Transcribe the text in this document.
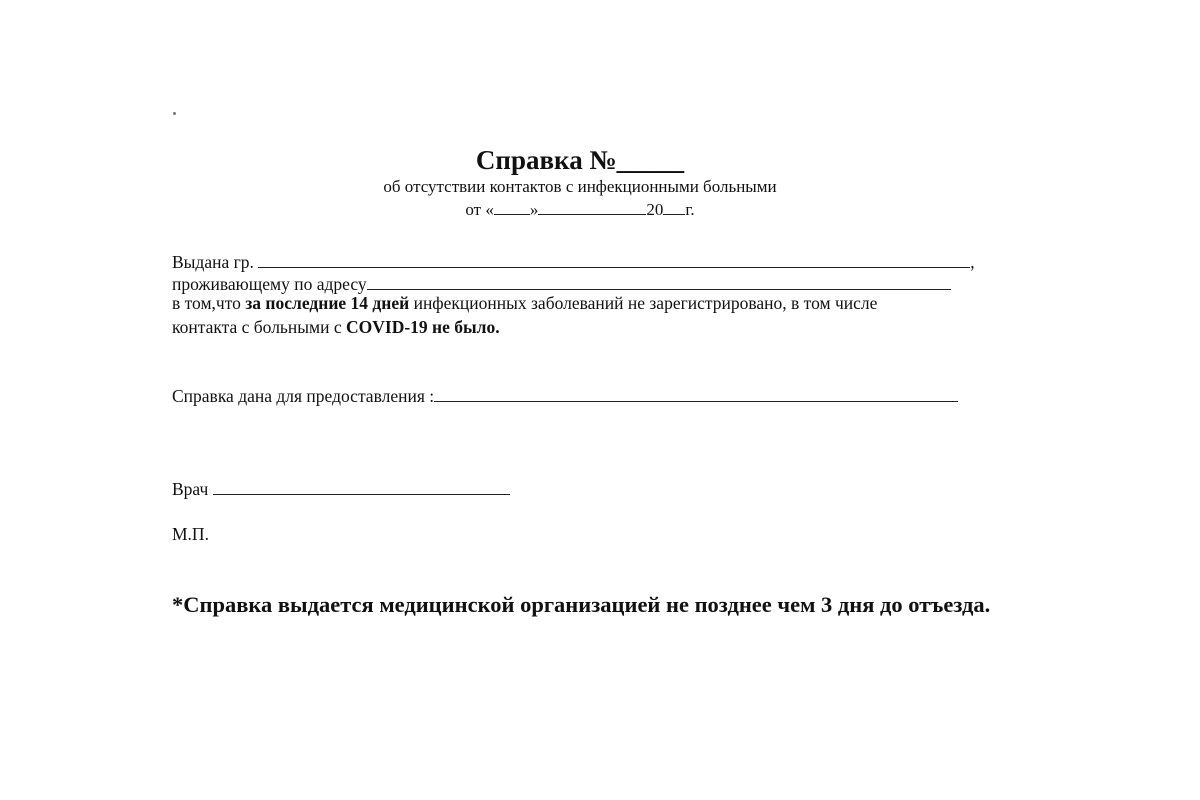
Справка №_____
об отсутствии контактов с инфекционными больными
от « »	20 г.
Выдана гр.	,
проживающему по адресу
в том,что за последние 14 дней инфекционных заболеваний не зарегистрировано, в том числе
контакта с больными с COVID-19 не было.
Справка дана для предоставления :
Врач
М.П.
*Справка выдается медицинской организацией не позднее чем 3 дня до отъезда.
